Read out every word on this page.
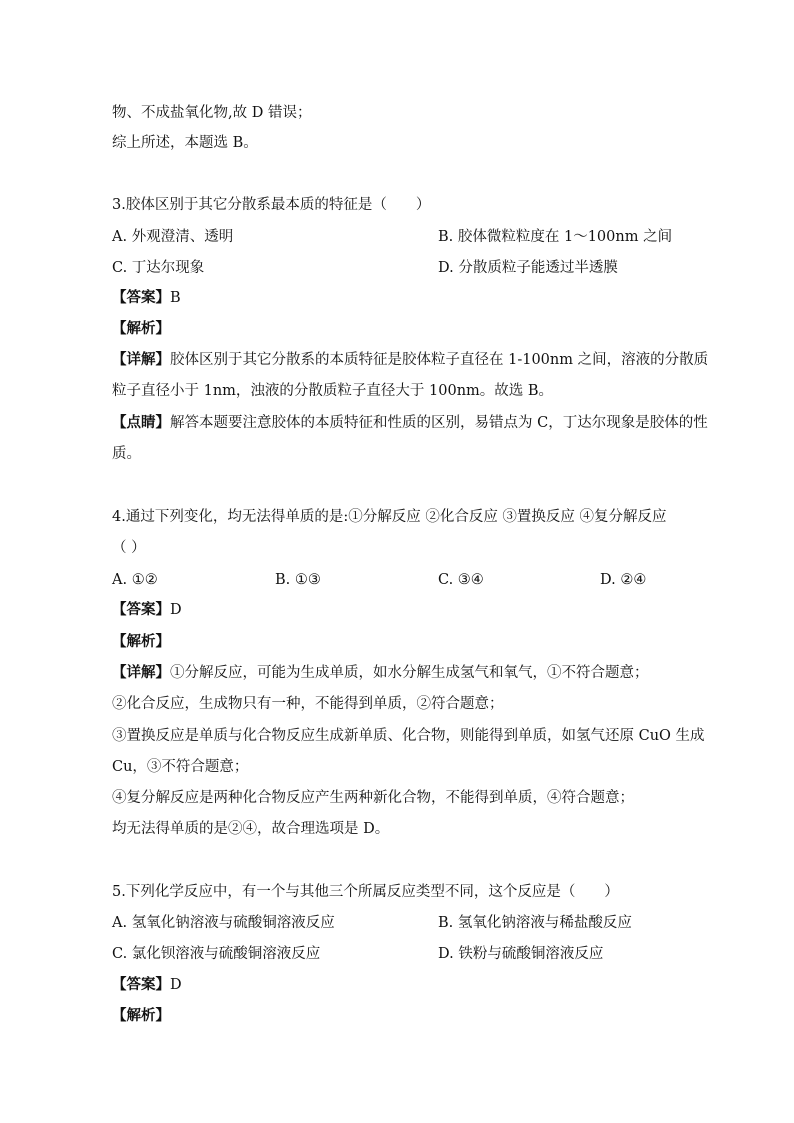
物、不成盐氧化物,故 D 错误；
综上所述，本题选 B。
3.胶体区别于其它分散系最本质的特征是（　　）
A. 外观澄清、透明	B. 胶体微粒粒度在 1～100nm 之间
C. 丁达尔现象	D. 分散质粒子能透过半透膜
【答案】B
【解析】
【详解】胶体区别于其它分散系的本质特征是胶体粒子直径在 1-100nm 之间，溶液的分散质
粒子直径小于 1nm，浊液的分散质粒子直径大于 100nm。故选 B。
【点睛】解答本题要注意胶体的本质特征和性质的区别，易错点为 C，丁达尔现象是胶体的性
质。
4.通过下列变化，均无法得单质的是:①分解反应 ②化合反应 ③置换反应 ④复分解反应
（ ）
A. ①②	B. ①③	C. ③④	D. ②④
【答案】D
【解析】
【详解】①分解反应，可能为生成单质，如水分解生成氢气和氧气，①不符合题意；
②化合反应，生成物只有一种，不能得到单质，②符合题意；
③置换反应是单质与化合物反应生成新单质、化合物，则能得到单质，如氢气还原 CuO 生成
Cu，③不符合题意；
④复分解反应是两种化合物反应产生两种新化合物，不能得到单质，④符合题意；
均无法得单质的是②④，故合理选项是 D。
5.下列化学反应中，有一个与其他三个所属反应类型不同，这个反应是（　　）
A. 氢氧化钠溶液与硫酸铜溶液反应	B. 氢氧化钠溶液与稀盐酸反应
C. 氯化钡溶液与硫酸铜溶液反应	D. 铁粉与硫酸铜溶液反应
【答案】D
【解析】
